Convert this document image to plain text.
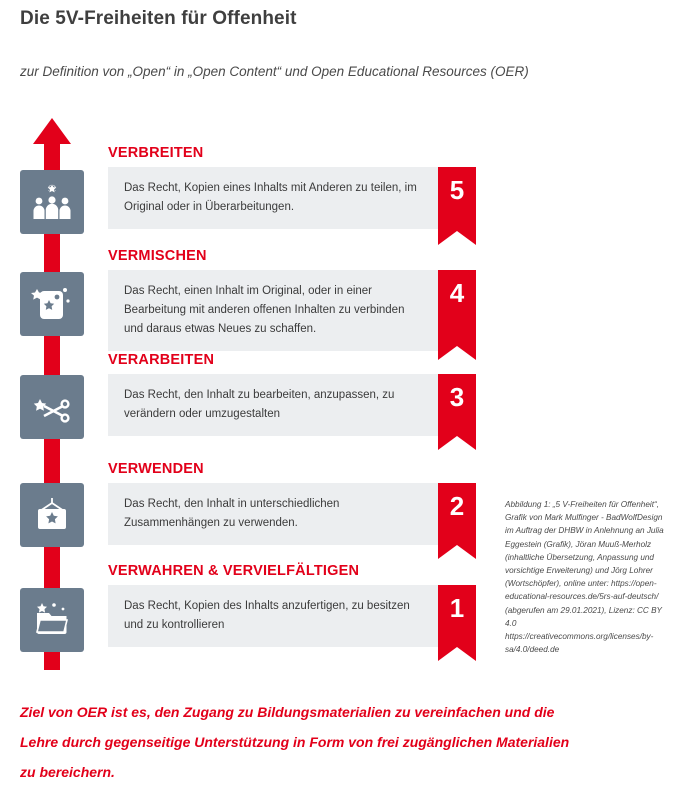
Die 5V-Freiheiten für Offenheit
zur Definition von „Open“ in „Open Content“ und Open Educational Resources (OER)
VERBREITEN
Das Recht, Kopien eines Inhalts mit Anderen zu teilen, im Original oder in Überarbeitungen.
5
VERMISCHEN
Das Recht, einen Inhalt im Original, oder in einer Bearbeitung mit anderen offenen Inhalten zu verbinden und daraus etwas Neues zu schaffen.
4
VERARBEITEN
Das Recht, den Inhalt zu bearbeiten, anzupassen, zu verändern oder umzugestalten
3
VERWENDEN
Das Recht, den Inhalt in unterschiedlichen Zusammenhängen zu verwenden.
2
VERWAHREN & VERVIELFÄLTIGEN
Das Recht, Kopien des Inhalts anzufertigen, zu besitzen und zu kontrollieren
1
Abbildung 1: „5 V-Freiheiten für Offenheit“, Grafik von Mark Mulfinger - BadWolfDesign im Auftrag der DHBW in Anlehnung an Julia Eggestein (Grafik), Jöran Muuß-Merholz (inhaltliche Übersetzung, Anpassung und vorsichtige Erweiterung) und Jörg Lohrer (Wortschöpfer), online unter: https://open-educational-resources.de/5rs-auf-deutsch/ (abgerufen am 29.01.2021), Lizenz: CC BY 4.0 https://creativecommons.org/licenses/by-sa/4.0/deed.de
Ziel von OER ist es, den Zugang zu Bildungsmaterialien zu vereinfachen und die Lehre durch gegenseitige Unterstützung in Form von frei zugänglichen Materialien zu bereichern.
